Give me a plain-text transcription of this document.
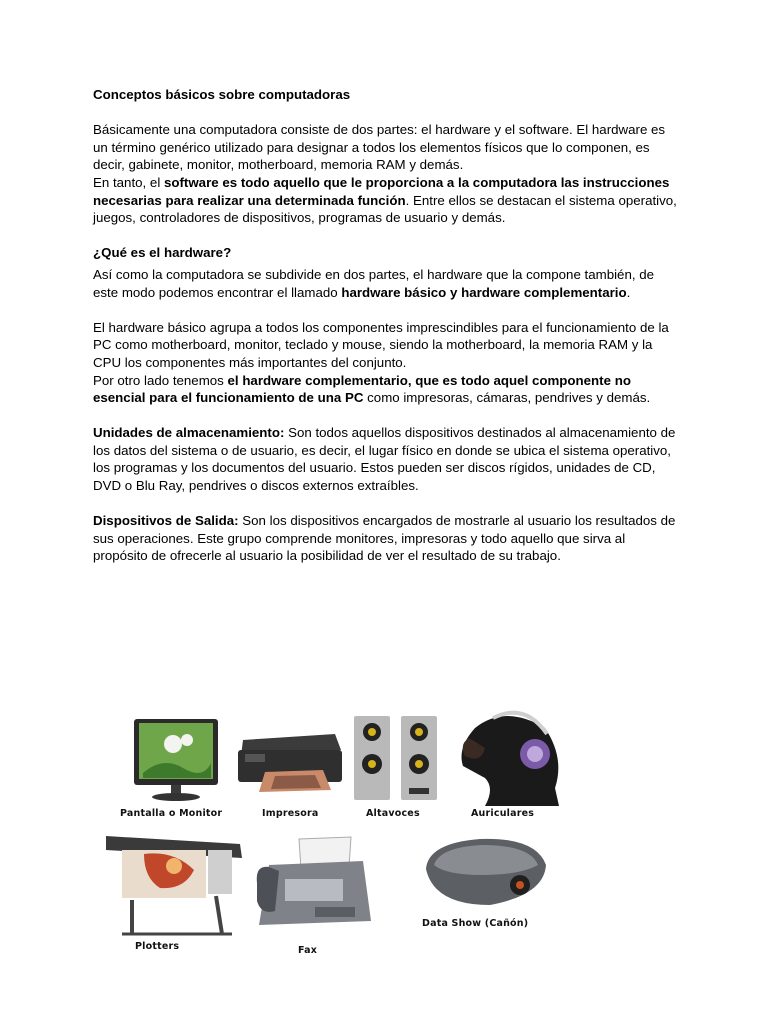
Conceptos básicos sobre computadoras

Básicamente una computadora consiste de dos partes: el hardware y el software. El hardware es un término genérico utilizado para designar a todos los elementos físicos que lo componen, es decir, gabinete, monitor, motherboard, memoria RAM y demás.

En tanto, el software es todo aquello que le proporciona a la computadora las instrucciones necesarias para realizar una determinada función. Entre ellos se destacan el sistema operativo, juegos, controladores de dispositivos, programas de usuario y demás.

¿Qué es el hardware?

Así como la computadora se subdivide en dos partes, el hardware que la compone también, de este modo podemos encontrar el llamado hardware básico y hardware complementario.

El hardware básico agrupa a todos los componentes imprescindibles para el funcionamiento de la PC como motherboard, monitor, teclado y mouse, siendo la motherboard, la memoria RAM y la CPU los componentes más importantes del conjunto.

Por otro lado tenemos el hardware complementario, que es todo aquel componente no esencial para el funcionamiento de una PC como impresoras, cámaras, pendrives y demás.

Unidades de almacenamiento: Son todos aquellos dispositivos destinados al almacenamiento de los datos del sistema o de usuario, es decir, el lugar físico en donde se ubica el sistema operativo, los programas y los documentos del usuario. Estos pueden ser discos rígidos, unidades de CD, DVD o Blu Ray, pendrives o discos externos extraíbles.

Dispositivos de Salida: Son los dispositivos encargados de mostrarle al usuario los resultados de sus operaciones. Este grupo comprende monitores, impresoras y todo aquello que sirva al propósito de ofrecerle al usuario la posibilidad de ver el resultado de su trabajo.

Pantalla o Monitor	Impresora	Altavoces	Auriculares
Plotters	Fax
Data Show (Cañón)
